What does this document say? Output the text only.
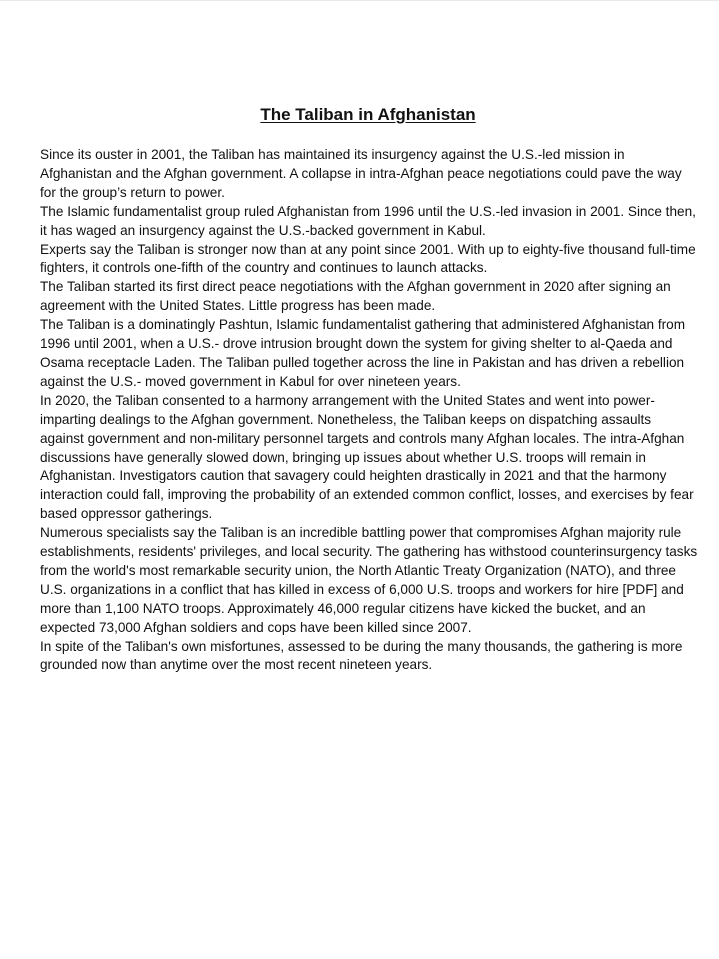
The Taliban in Afghanistan

Since its ouster in 2001, the Taliban has maintained its insurgency against the U.S.-led mission in Afghanistan and the Afghan government. A collapse in intra-Afghan peace negotiations could pave the way for the group’s return to power.

The Islamic fundamentalist group ruled Afghanistan from 1996 until the U.S.-led invasion in 2001. Since then, it has waged an insurgency against the U.S.-backed government in Kabul.

Experts say the Taliban is stronger now than at any point since 2001. With up to eighty-five thousand full-time fighters, it controls one-fifth of the country and continues to launch attacks.

The Taliban started its first direct peace negotiations with the Afghan government in 2020 after signing an agreement with the United States. Little progress has been made.

The Taliban is a dominatingly Pashtun, Islamic fundamentalist gathering that administered Afghanistan from 1996 until 2001, when a U.S.- drove intrusion brought down the system for giving shelter to al-Qaeda and Osama receptacle Laden. The Taliban pulled together across the line in Pakistan and has driven a rebellion against the U.S.- moved government in Kabul for over nineteen years.

In 2020, the Taliban consented to a harmony arrangement with the United States and went into power-imparting dealings to the Afghan government. Nonetheless, the Taliban keeps on dispatching assaults against government and non-military personnel targets and controls many Afghan locales. The intra-Afghan discussions have generally slowed down, bringing up issues about whether U.S. troops will remain in Afghanistan. Investigators caution that savagery could heighten drastically in 2021 and that the harmony interaction could fall, improving the probability of an extended common conflict, losses, and exercises by fear based oppressor gatherings.

Numerous specialists say the Taliban is an incredible battling power that compromises Afghan majority rule establishments, residents' privileges, and local security. The gathering has withstood counterinsurgency tasks from the world's most remarkable security union, the North Atlantic Treaty Organization (NATO), and three U.S. organizations in a conflict that has killed in excess of 6,000 U.S. troops and workers for hire [PDF] and more than 1,100 NATO troops. Approximately 46,000 regular citizens have kicked the bucket, and an expected 73,000 Afghan soldiers and cops have been killed since 2007.

In spite of the Taliban's own misfortunes, assessed to be during the many thousands, the gathering is more grounded now than anytime over the most recent nineteen years.
